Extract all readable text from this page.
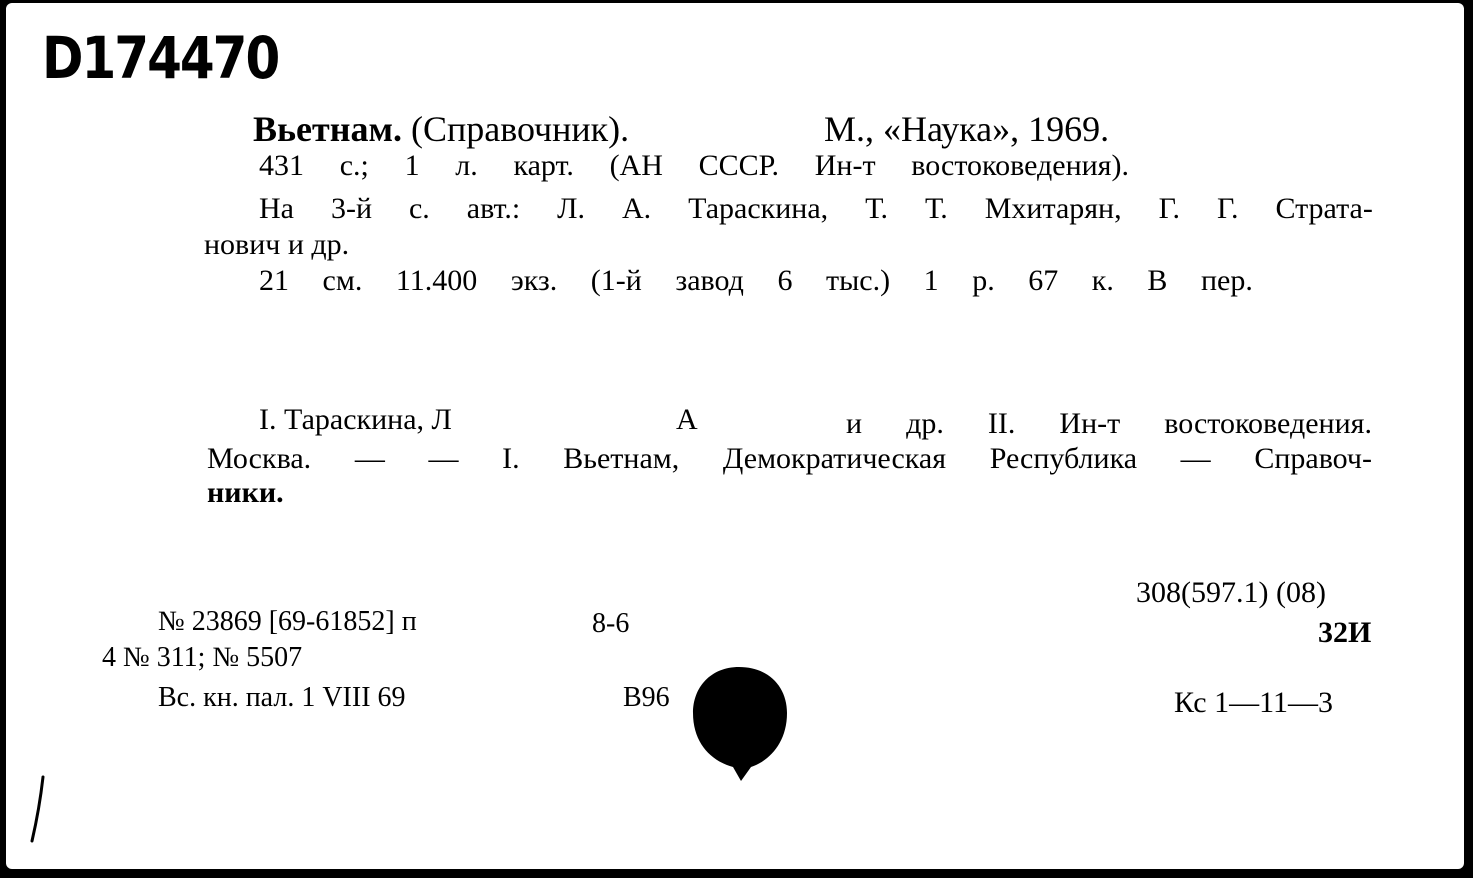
D174470
Вьетнам. (Справочник).	М., «Наука», 1969.
431 с.; 1 л. карт. (АН СССР. Ин-т востоковедения).
На 3-й с. авт.: Л. А. Тараскина, Т. Т. Мхитарян, Г. Г. Страта-
нович и др.
21 см. 11.400 экз. (1-й завод 6 тыс.) 1 р. 67 к. В пер.
I. Тараскина, Л	А	и др. II. Ин-т востоковедения.
Москва. — — I. Вьетнам, Демократическая Республика — Справоч-
ники.
308(597.1) (08)
№ 23869 [69-61852] п	8-6	32И
4 № 311; № 5507
Вс. кн. пал. 1 VIII 69	В96	Кс 1—11—3
